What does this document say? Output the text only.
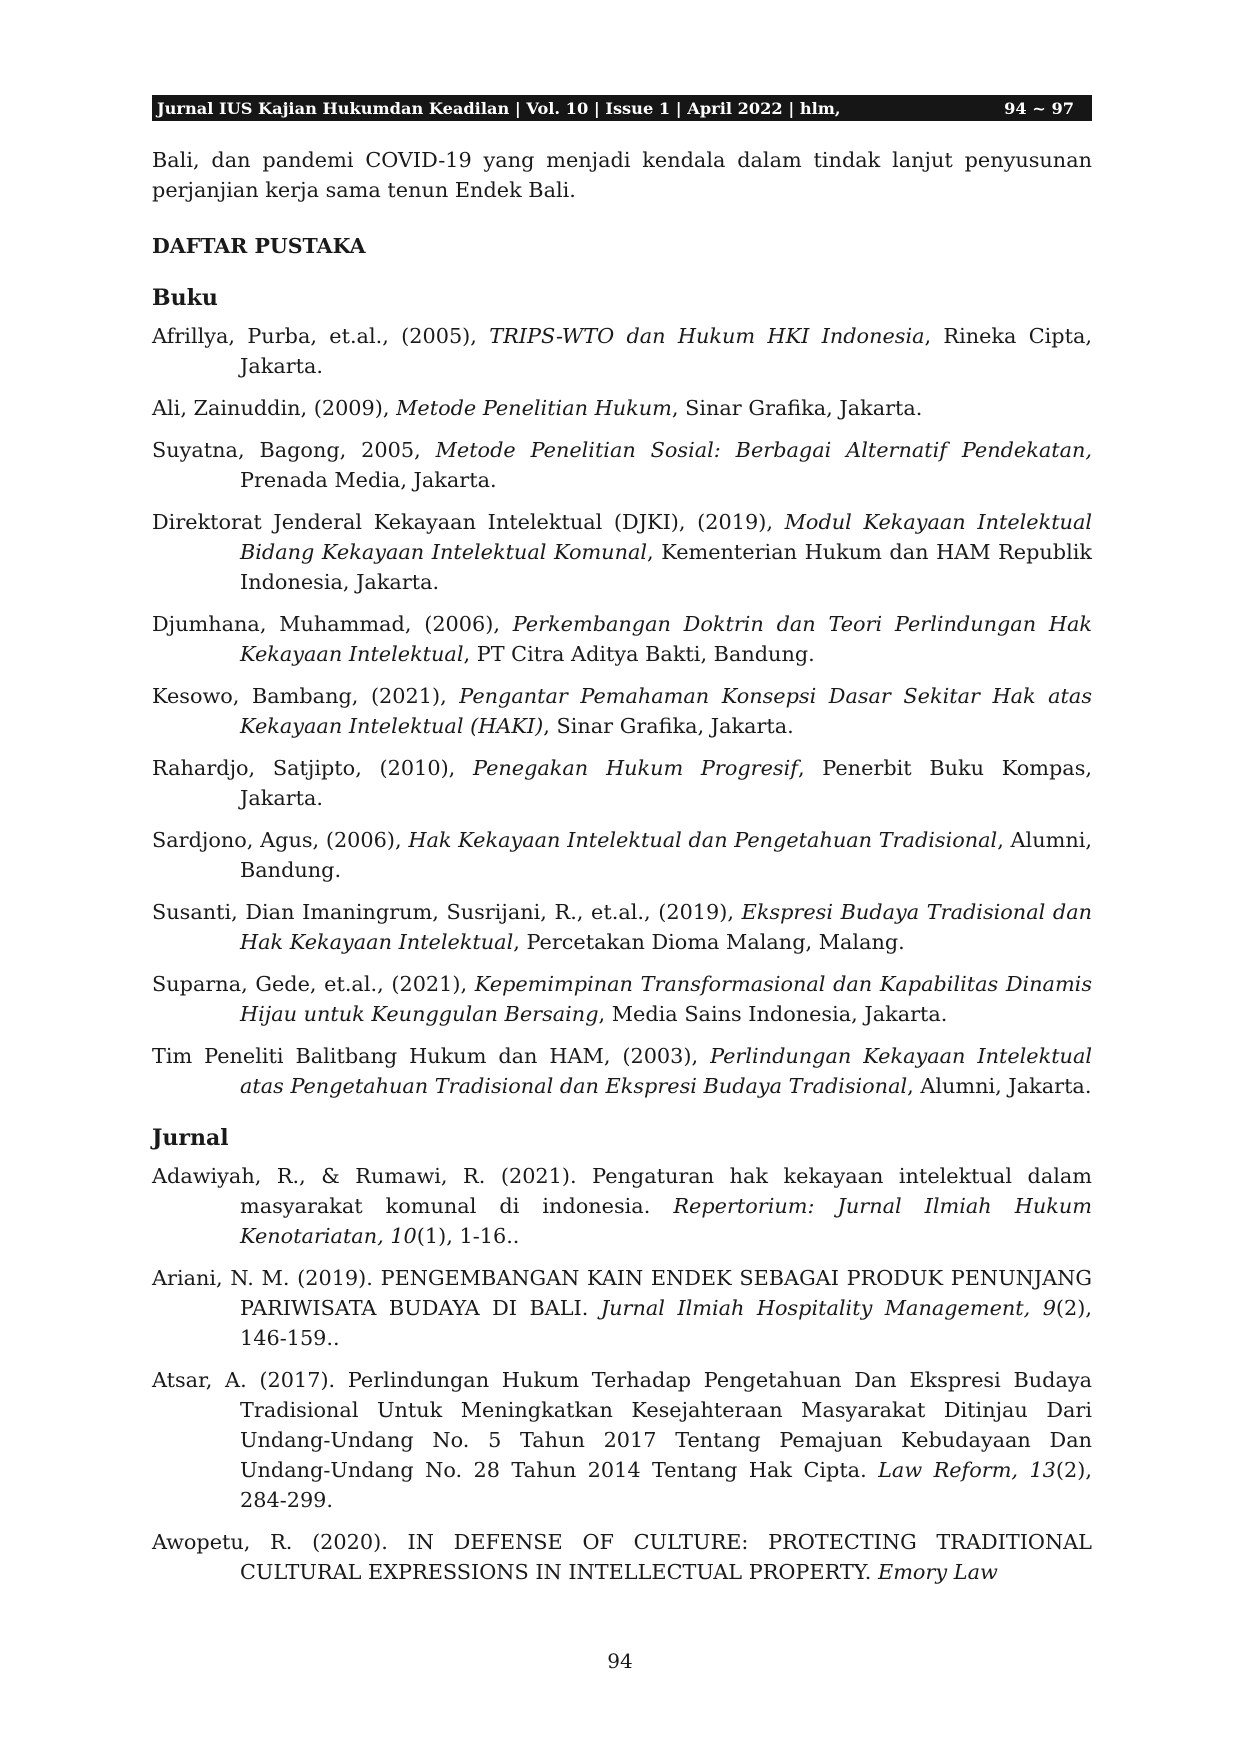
Jurnal IUS Kajian Hukumdan Keadilan | Vol. 10 | Issue 1 | April 2022 | hlm,	94 ~ 97

Bali, dan pandemi COVID-19 yang menjadi kendala dalam tindak lanjut penyusunan perjanjian kerja sama tenun Endek Bali.

DAFTAR PUSTAKA
Buku

Afrillya, Purba, et.al., (2005), TRIPS-WTO dan Hukum HKI Indonesia, Rineka Cipta, Jakarta.

Ali, Zainuddin, (2009), Metode Penelitian Hukum, Sinar Grafika, Jakarta.

Suyatna, Bagong, 2005, Metode Penelitian Sosial: Berbagai Alternatif Pendekatan, Prenada Media, Jakarta.

Direktorat Jenderal Kekayaan Intelektual (DJKI), (2019), Modul Kekayaan Intelektual Bidang Kekayaan Intelektual Komunal, Kementerian Hukum dan HAM Republik Indonesia, Jakarta.

Djumhana, Muhammad, (2006), Perkembangan Doktrin dan Teori Perlindungan Hak Kekayaan Intelektual, PT Citra Aditya Bakti, Bandung.

Kesowo, Bambang, (2021), Pengantar Pemahaman Konsepsi Dasar Sekitar Hak atas Kekayaan Intelektual (HAKI), Sinar Grafika, Jakarta.

Rahardjo, Satjipto, (2010), Penegakan Hukum Progresif, Penerbit Buku Kompas, Jakarta.

Sardjono, Agus, (2006), Hak Kekayaan Intelektual dan Pengetahuan Tradisional, Alumni, Bandung.

Susanti, Dian Imaningrum, Susrijani, R., et.al., (2019), Ekspresi Budaya Tradisional dan Hak Kekayaan Intelektual, Percetakan Dioma Malang, Malang.

Suparna, Gede, et.al., (2021), Kepemimpinan Transformasional dan Kapabilitas Dinamis Hijau untuk Keunggulan Bersaing, Media Sains Indonesia, Jakarta.

Tim Peneliti Balitbang Hukum dan HAM, (2003), Perlindungan Kekayaan Intelektual atas Pengetahuan Tradisional dan Ekspresi Budaya Tradisional, Alumni, Jakarta.

Jurnal

Adawiyah, R., & Rumawi, R. (2021). Pengaturan hak kekayaan intelektual dalam masyarakat komunal di indonesia. Repertorium: Jurnal Ilmiah Hukum Kenotariatan, 10(1), 1-16..

Ariani, N. M. (2019). PENGEMBANGAN KAIN ENDEK SEBAGAI PRODUK PENUNJANG PARIWISATA BUDAYA DI BALI. Jurnal Ilmiah Hospitality Management, 9(2), 146-159..

Atsar, A. (2017). Perlindungan Hukum Terhadap Pengetahuan Dan Ekspresi Budaya Tradisional Untuk Meningkatkan Kesejahteraan Masyarakat Ditinjau Dari Undang-Undang No. 5 Tahun 2017 Tentang Pemajuan Kebudayaan Dan Undang-Undang No. 28 Tahun 2014 Tentang Hak Cipta. Law Reform, 13(2), 284-299.

Awopetu, R. (2020). IN DEFENSE OF CULTURE: PROTECTING TRADITIONAL CULTURAL EXPRESSIONS IN INTELLECTUAL PROPERTY. Emory Law

94
